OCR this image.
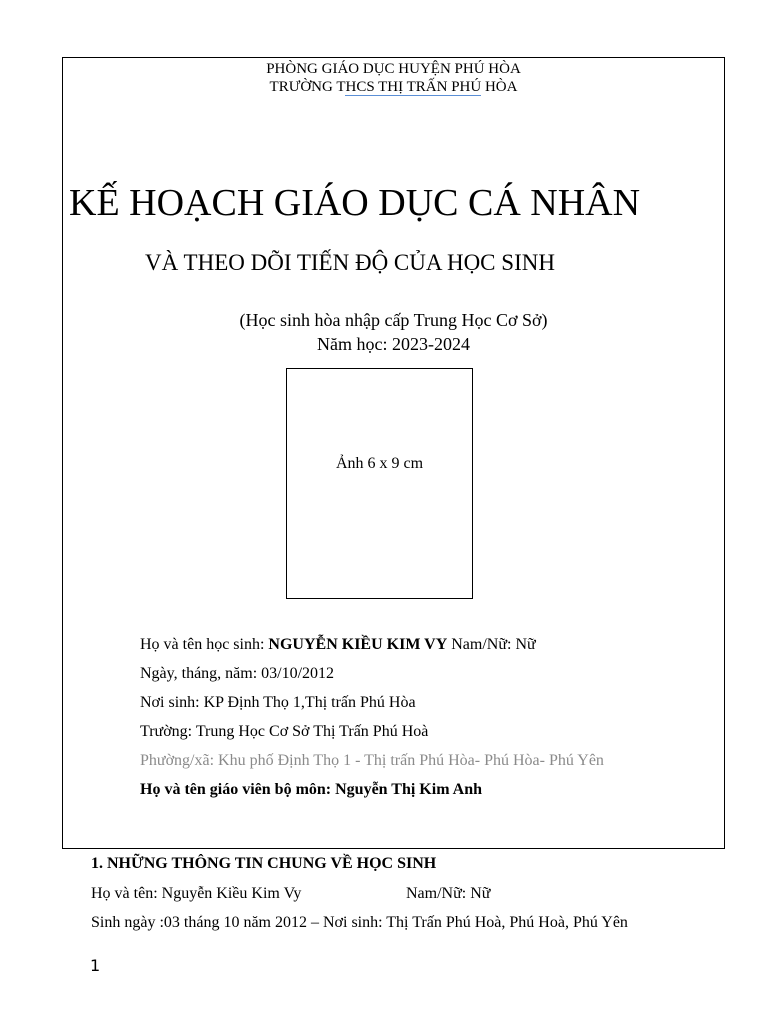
PHÒNG GIÁO DỤC HUYỆN PHÚ HÒA
TRƯỜNG THCS THỊ TRẤN PHÚ HÒA
KẾ HOẠCH GIÁO DỤC CÁ NHÂN
VÀ THEO DÕI TIẾN ĐỘ CỦA HỌC SINH
(Học sinh hòa nhập cấp Trung Học Cơ Sở)
Năm học: 2023-2024
Ảnh 6 x 9 cm
Họ và tên học sinh: NGUYỄN KIỀU KIM VY Nam/Nữ: Nữ
Ngày, tháng, năm: 03/10/2012
Nơi sinh: KP Định Thọ 1,Thị trấn Phú Hòa
Trường: Trung Học Cơ Sở Thị Trấn Phú Hoà
Phường/xã: Khu phố Định Thọ 1 - Thị trấn Phú Hòa- Phú Hòa- Phú Yên
Họ và tên giáo viên bộ môn: Nguyễn Thị Kim Anh
1. NHỮNG THÔNG TIN CHUNG VỀ HỌC SINH
Họ và tên: Nguyễn Kiều Kim Vy	Nam/Nữ: Nữ
Sinh ngày :03 tháng 10 năm 2012 – Nơi sinh: Thị Trấn Phú Hoà, Phú Hoà, Phú Yên
1
